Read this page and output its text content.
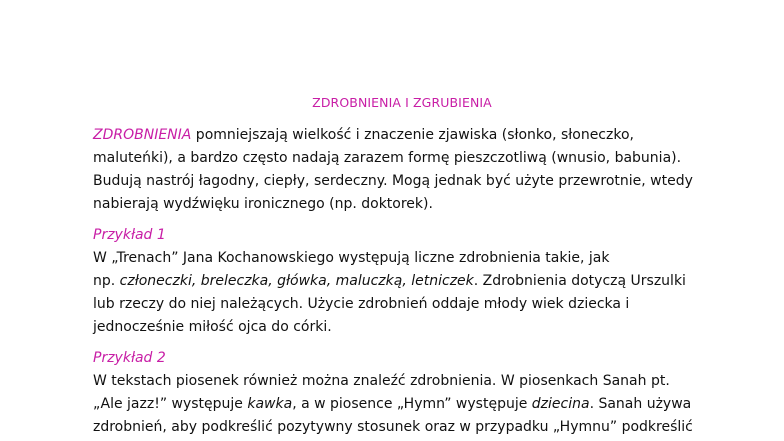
ZDROBNIENIA I ZGRUBIENIA

ZDROBNIENIA pomniejszają wielkość i znaczenie zjawiska (słonko, słoneczko,
malutеńki), a bardzo często nadają zarazem formę pieszczotliwą (wnusio, babunia).
Budują nastrój łagodny, ciepły, serdeczny. Mogą jednak być użyte przewrotnie, wtedy
nabierają wydźwięku ironicznego (np. doktorek).

Przykład 1

W „Trenach” Jana Kochanowskiego występują liczne zdrobnienia takie, jak
np. członeczki, breleczka, główka, maluczką, letniczek. Zdrobnienia dotyczą Urszulki
lub rzeczy do niej należących. Użycie zdrobnień oddaje młody wiek dziecka i
jednocześnie miłość ojca do córki.

Przykład 2

W tekstach piosenek również można znaleźć zdrobnienia. W piosenkach Sanah pt.
„Ale jazz!” występuje kawka, a w piosence „Hymn” występuje dziecina. Sanah używa
zdrobnień, aby podkreślić pozytywny stosunek oraz w przypadku „Hymnu” podkreślić
